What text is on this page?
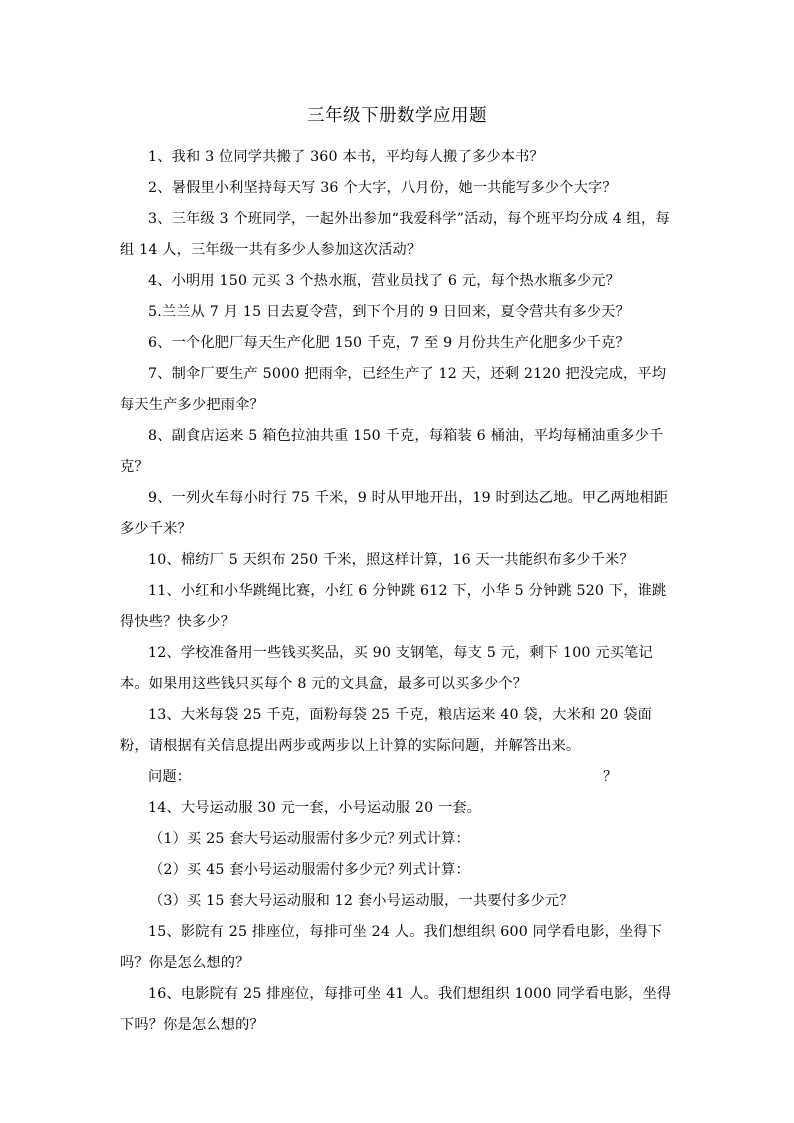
三年级下册数学应用题

1、我和 3 位同学共搬了 360 本书，平均每人搬了多少本书？

2、暑假里小利坚持每天写 36 个大字，八月份，她一共能写多少个大字？

3、三年级 3 个班同学，一起外出参加“我爱科学”活动，每个班平均分成 4 组，每组 14 人，三年级一共有多少人参加这次活动？

4、小明用 150 元买 3 个热水瓶，营业员找了 6 元，每个热水瓶多少元？

5.兰兰从 7 月 15 日去夏令营，到下个月的 9 日回来，夏令营共有多少天？

6、一个化肥厂每天生产化肥 150 千克，7 至 9 月份共生产化肥多少千克？

7、制伞厂要生产 5000 把雨伞，已经生产了 12 天，还剩 2120 把没完成，平均每天生产多少把雨伞？

8、副食店运来 5 箱色拉油共重 150 千克，每箱装 6 桶油，平均每桶油重多少千克？

9、一列火车每小时行 75 千米，9 时从甲地开出，19 时到达乙地。甲乙两地相距多少千米？

10、棉纺厂 5 天织布 250 千米，照这样计算，16 天一共能织布多少千米？

11、小红和小华跳绳比赛，小红 6 分钟跳 612 下，小华 5 分钟跳 520 下，谁跳得快些？快多少？

12、学校准备用一些钱买奖品，买 90 支钢笔，每支 5 元，剩下 100 元买笔记本。如果用这些钱只买每个 8 元的文具盒，最多可以买多少个？

13、大米每袋 25 千克，面粉每袋 25 千克，粮店运来 40 袋，大米和 20 袋面粉，请根据有关信息提出两步或两步以上计算的实际问题，并解答出来。

问题：	？

14、大号运动服 30 元一套，小号运动服 20 一套。

（1）买 25 套大号运动服需付多少元？
列式计算：
（2）买 45 套小号运动服需付多少元？
列式计算：
（3）买 15 套大号运动服和 12 套小号运动服，一共要付多少元？

15、影院有 25 排座位，每排可坐 24 人。我们想组织 600 同学看电影，坐得下吗？你是怎么想的？

16、电影院有 25 排座位，每排可坐 41 人。我们想组织 1000 同学看电影，坐得下吗？你是怎么想的？
